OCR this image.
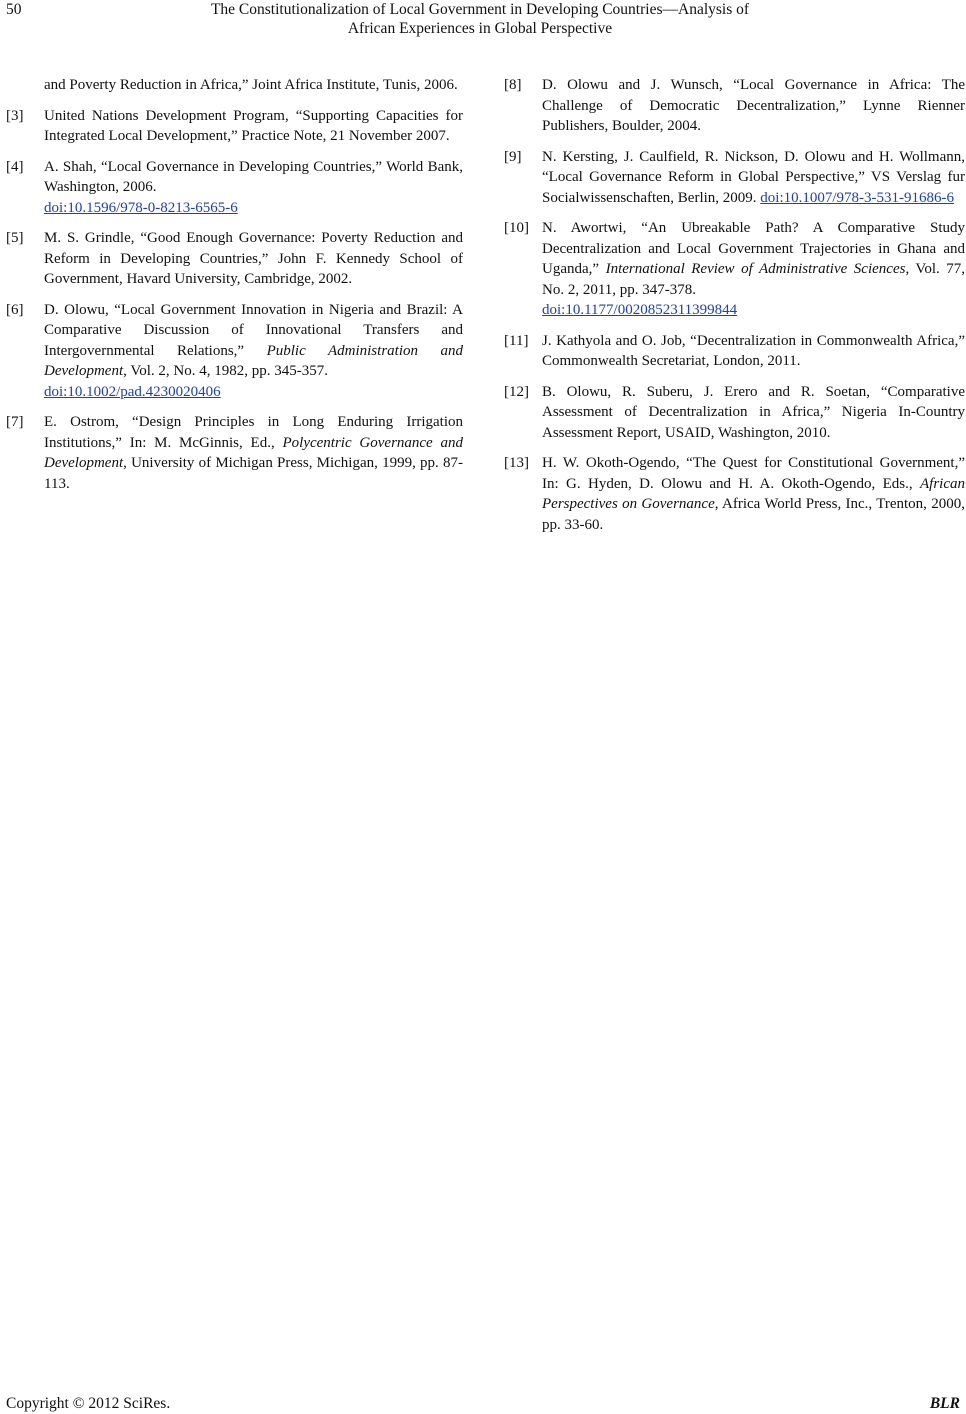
50	The Constitutionalization of Local Government in Developing Countries—Analysis of
African Experiences in Global Perspective
and Poverty Reduction in Africa,” Joint Africa Institute, Tunis, 2006.
[3] United Nations Development Program, “Supporting Capacities for Integrated Local Development,” Practice Note, 21 November 2007.
[4] A. Shah, “Local Governance in Developing Countries,” World Bank, Washington, 2006.
doi:10.1596/978-0-8213-6565-6
[5] M. S. Grindle, “Good Enough Governance: Poverty Reduction and Reform in Developing Countries,” John F. Kennedy School of Government, Havard University, Cambridge, 2002.
[6] D. Olowu, “Local Government Innovation in Nigeria and Brazil: A Comparative Discussion of Innovational Transfers and Intergovernmental Relations,” Public Administration and Development, Vol. 2, No. 4, 1982, pp. 345-357.
doi:10.1002/pad.4230020406
[7] E. Ostrom, “Design Principles in Long Enduring Irrigation Institutions,” In: M. McGinnis, Ed., Polycentric Governance and Development, University of Michigan Press, Michigan, 1999, pp. 87-113.
[8] D. Olowu and J. Wunsch, “Local Governance in Africa: The Challenge of Democratic Decentralization,” Lynne Rienner Publishers, Boulder, 2004.
[9] N. Kersting, J. Caulfield, R. Nickson, D. Olowu and H. Wollmann, “Local Governance Reform in Global Perspective,” VS Verslag fur Socialwissenschaften, Berlin, 2009. doi:10.1007/978-3-531-91686-6
[10] N. Awortwi, “An Ubreakable Path? A Comparative Study Decentralization and Local Government Trajectories in Ghana and Uganda,” International Review of Administrative Sciences, Vol. 77, No. 2, 2011, pp. 347-378.
doi:10.1177/0020852311399844
[11] J. Kathyola and O. Job, “Decentralization in Commonwealth Africa,” Commonwealth Secretariat, London, 2011.
[12] B. Olowu, R. Suberu, J. Erero and R. Soetan, “Comparative Assessment of Decentralization in Africa,” Nigeria In-Country Assessment Report, USAID, Washington, 2010.
[13] H. W. Okoth-Ogendo, “The Quest for Constitutional Government,” In: G. Hyden, D. Olowu and H. A. Okoth-Ogendo, Eds., African Perspectives on Governance, Africa World Press, Inc., Trenton, 2000, pp. 33-60.
Copyright © 2012 SciRes.	BLR
